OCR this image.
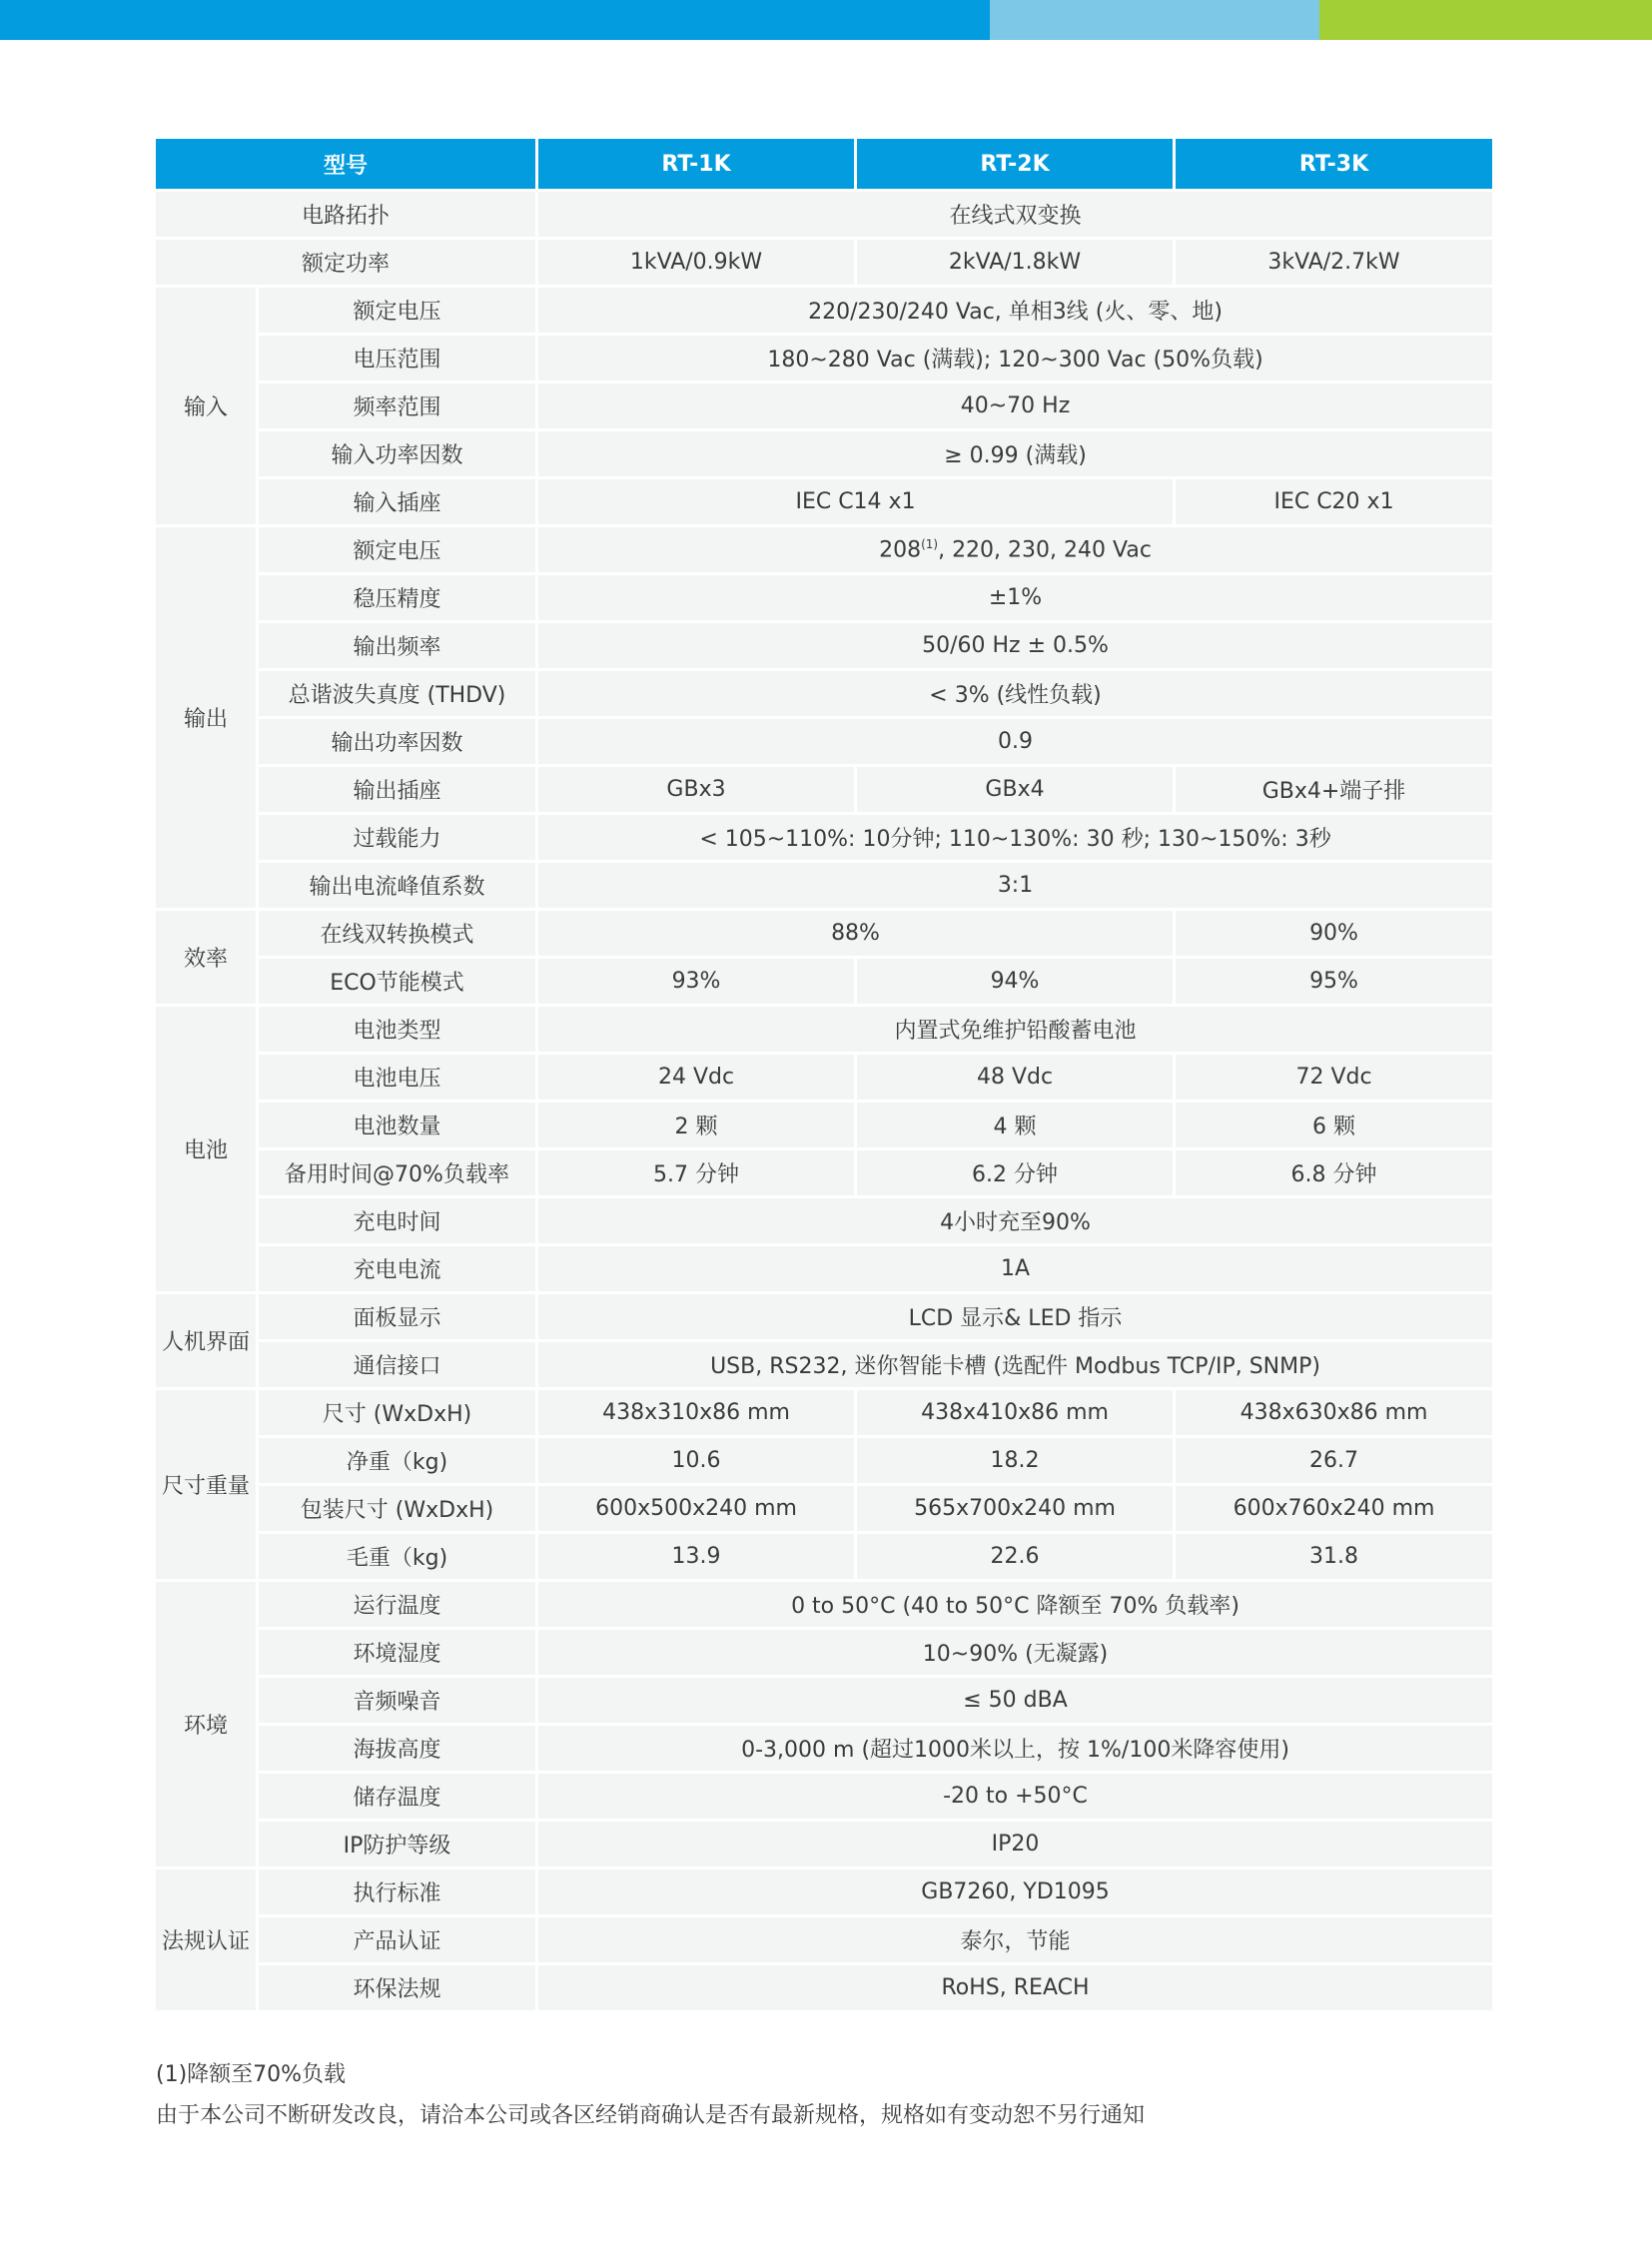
型号		RT-1K	RT-2K	RT-3K
电路拓扑		在线式双变换		
额定功率		1kVA/0.9kW	2kVA/1.8kW	3kVA/2.7kW
输入	额定电压	220/230/240 Vac, 单相3线 (火、零、地)		
	电压范围	180~280 Vac (满载); 120~300 Vac (50%负载)		
	频率范围	40~70 Hz		
	输入功率因数	≥ 0.99 (满载)		
	输入插座	IEC C14 x1		IEC C20 x1
输出	额定电压	208$^{(1)}$, 220, 230, 240 Vac		
	稳压精度	±1%		
	输出频率	50/60 Hz ± 0.5%		
	总谐波失真度 (THDV)	< 3% (线性负载)		
	输出功率因数	0.9		
	输出插座	GBx3	GBx4	GBx4+端子排
	过载能力	< 105~110%: 10分钟; 110~130%: 30 秒; 130~150%: 3秒		
	输出电流峰值系数	3:1		
效率	在线双转换模式	88%		90%
	ECO节能模式	93%	94%	95%
电池	电池类型	内置式免维护铅酸蓄电池		
	电池电压	24 Vdc	48 Vdc	72 Vdc
	电池数量	2 颗	4 颗	6 颗
	备用时间@70%负载率	5.7 分钟	6.2 分钟	6.8 分钟
	充电时间	4小时充至90%		
	充电电流	1A		
人机界面	面板显示	LCD 显示& LED 指示		
	通信接口	USB, RS232, 迷你智能卡槽 (选配件 Modbus TCP/IP, SNMP)		
尺寸重量	尺寸 (WxDxH)	438x310x86 mm	438x410x86 mm	438x630x86 mm
	净重（kg)	10.6	18.2	26.7
	包装尺寸 (WxDxH)	600x500x240 mm	565x700x240 mm	600x760x240 mm
	毛重（kg)	13.9	22.6	31.8
环境	运行温度	0 to 50°C (40 to 50°C 降额至 70% 负载率)		
	环境湿度	10~90% (无凝露)		
	音频噪音	≤ 50 dBA		
	海拔高度	0-3,000 m (超过1000米以上，按 1%/100米降容使用)		
	储存温度	-20 to +50°C		
	IP防护等级	IP20		
法规认证	执行标准	GB7260, YD1095		
	产品认证	泰尔，节能		
	环保法规	RoHS, REACH		
(1)降额至70%负载
由于本公司不断研发改良，请洽本公司或各区经销商确认是否有最新规格，规格如有变动恕不另行通知
